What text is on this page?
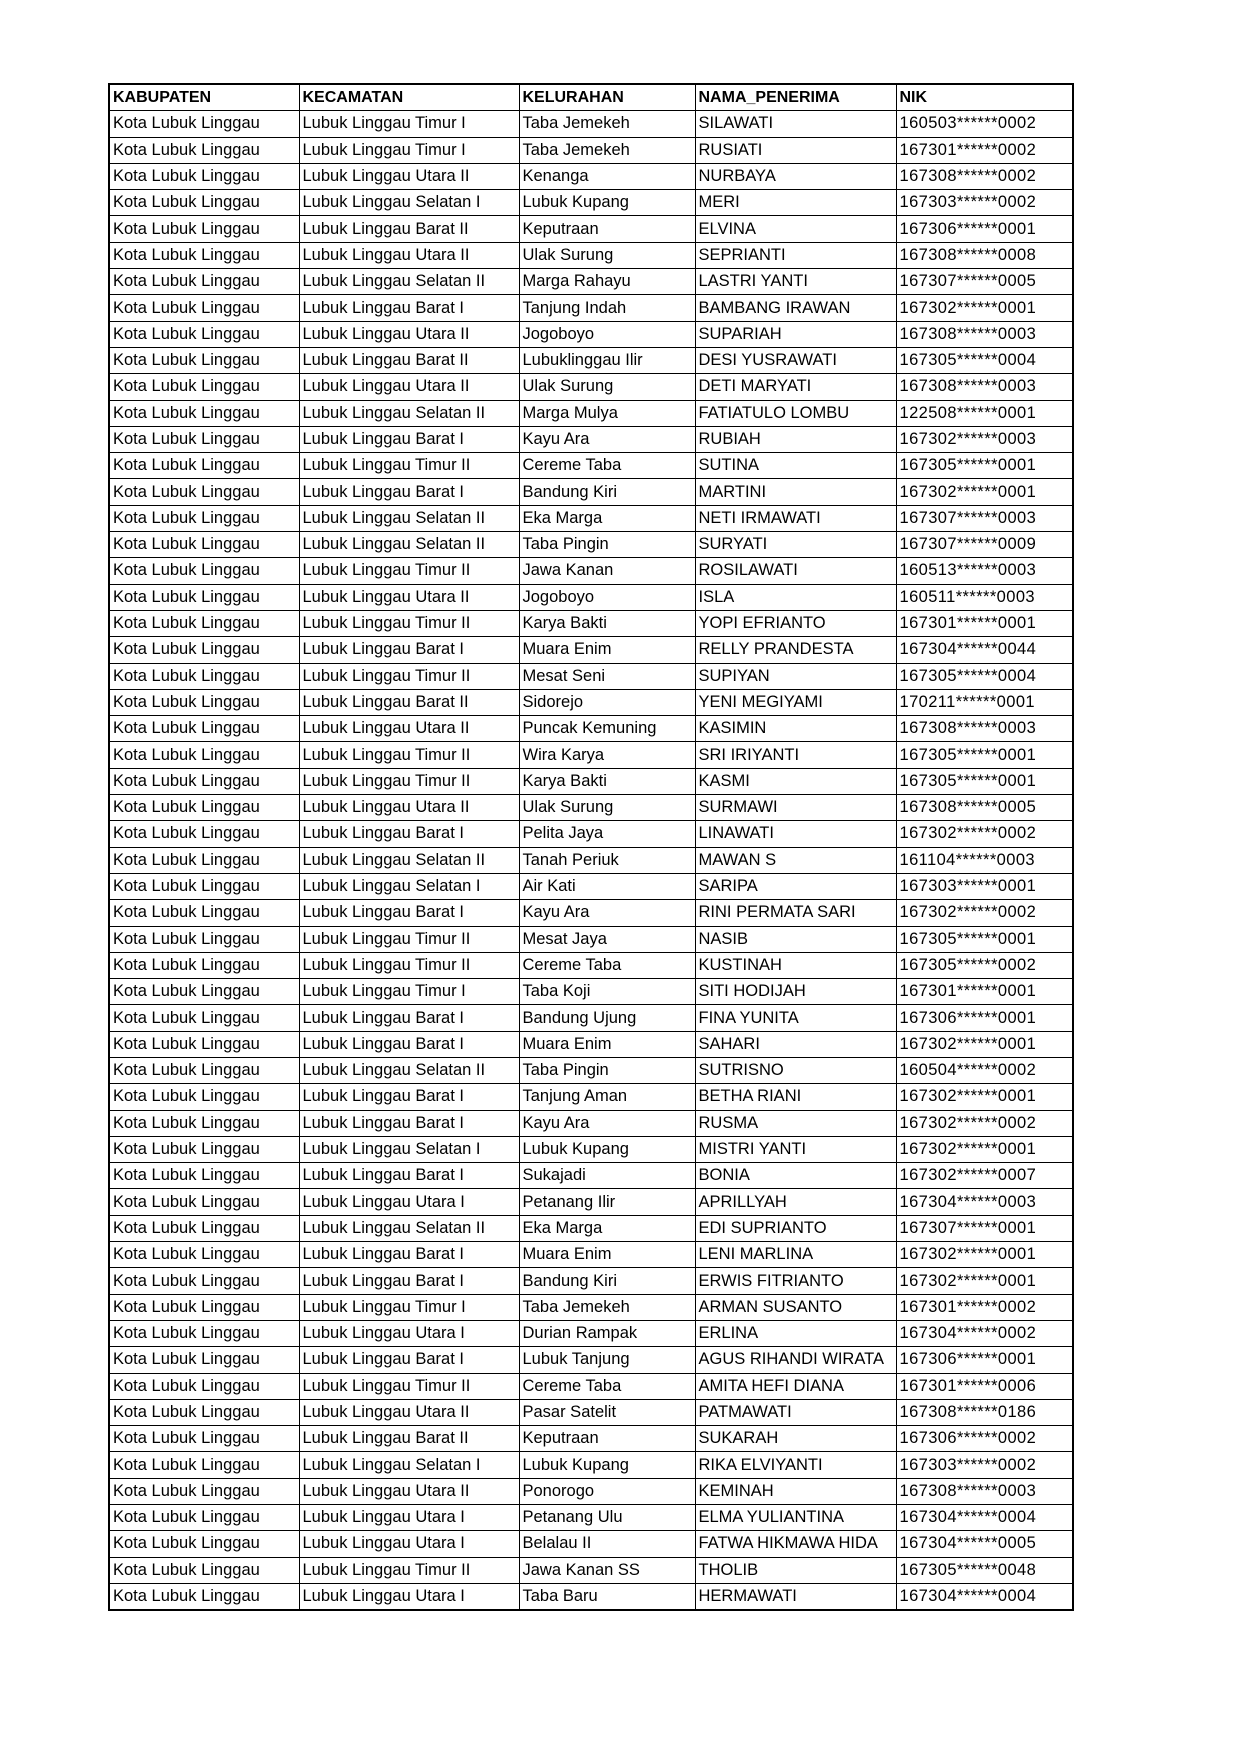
KABUPATEN	KECAMATAN	KELURAHAN	NAMA_PENERIMA	NIK
Kota Lubuk Linggau	Lubuk Linggau Timur I	Taba Jemekeh	SILAWATI	160503******0002
Kota Lubuk Linggau	Lubuk Linggau Timur I	Taba Jemekeh	RUSIATI	167301******0002
Kota Lubuk Linggau	Lubuk Linggau Utara II	Kenanga	NURBAYA	167308******0002
Kota Lubuk Linggau	Lubuk Linggau Selatan I	Lubuk Kupang	MERI	167303******0002
Kota Lubuk Linggau	Lubuk Linggau Barat II	Keputraan	ELVINA	167306******0001
Kota Lubuk Linggau	Lubuk Linggau Utara II	Ulak Surung	SEPRIANTI	167308******0008
Kota Lubuk Linggau	Lubuk Linggau Selatan II	Marga Rahayu	LASTRI YANTI	167307******0005
Kota Lubuk Linggau	Lubuk Linggau Barat I	Tanjung Indah	BAMBANG IRAWAN	167302******0001
Kota Lubuk Linggau	Lubuk Linggau Utara II	Jogoboyo	SUPARIAH	167308******0003
Kota Lubuk Linggau	Lubuk Linggau Barat II	Lubuklinggau Ilir	DESI YUSRAWATI	167305******0004
Kota Lubuk Linggau	Lubuk Linggau Utara II	Ulak Surung	DETI MARYATI	167308******0003
Kota Lubuk Linggau	Lubuk Linggau Selatan II	Marga Mulya	FATIATULO LOMBU	122508******0001
Kota Lubuk Linggau	Lubuk Linggau Barat I	Kayu Ara	RUBIAH	167302******0003
Kota Lubuk Linggau	Lubuk Linggau Timur II	Cereme Taba	SUTINA	167305******0001
Kota Lubuk Linggau	Lubuk Linggau Barat I	Bandung Kiri	MARTINI	167302******0001
Kota Lubuk Linggau	Lubuk Linggau Selatan II	Eka Marga	NETI IRMAWATI	167307******0003
Kota Lubuk Linggau	Lubuk Linggau Selatan II	Taba Pingin	SURYATI	167307******0009
Kota Lubuk Linggau	Lubuk Linggau Timur II	Jawa Kanan	ROSILAWATI	160513******0003
Kota Lubuk Linggau	Lubuk Linggau Utara II	Jogoboyo	ISLA	160511******0003
Kota Lubuk Linggau	Lubuk Linggau Timur II	Karya Bakti	YOPI EFRIANTO	167301******0001
Kota Lubuk Linggau	Lubuk Linggau Barat I	Muara Enim	RELLY PRANDESTA	167304******0044
Kota Lubuk Linggau	Lubuk Linggau Timur II	Mesat Seni	SUPIYAN	167305******0004
Kota Lubuk Linggau	Lubuk Linggau Barat II	Sidorejo	YENI MEGIYAMI	170211******0001
Kota Lubuk Linggau	Lubuk Linggau Utara II	Puncak Kemuning	KASIMIN	167308******0003
Kota Lubuk Linggau	Lubuk Linggau Timur II	Wira Karya	SRI IRIYANTI	167305******0001
Kota Lubuk Linggau	Lubuk Linggau Timur II	Karya Bakti	KASMI	167305******0001
Kota Lubuk Linggau	Lubuk Linggau Utara II	Ulak Surung	SURMAWI	167308******0005
Kota Lubuk Linggau	Lubuk Linggau Barat I	Pelita Jaya	LINAWATI	167302******0002
Kota Lubuk Linggau	Lubuk Linggau Selatan II	Tanah Periuk	MAWAN S	161104******0003
Kota Lubuk Linggau	Lubuk Linggau Selatan I	Air Kati	SARIPA	167303******0001
Kota Lubuk Linggau	Lubuk Linggau Barat I	Kayu Ara	RINI PERMATA SARI	167302******0002
Kota Lubuk Linggau	Lubuk Linggau Timur II	Mesat Jaya	NASIB	167305******0001
Kota Lubuk Linggau	Lubuk Linggau Timur II	Cereme Taba	KUSTINAH	167305******0002
Kota Lubuk Linggau	Lubuk Linggau Timur I	Taba Koji	SITI HODIJAH	167301******0001
Kota Lubuk Linggau	Lubuk Linggau Barat I	Bandung Ujung	FINA YUNITA	167306******0001
Kota Lubuk Linggau	Lubuk Linggau Barat I	Muara Enim	SAHARI	167302******0001
Kota Lubuk Linggau	Lubuk Linggau Selatan II	Taba Pingin	SUTRISNO	160504******0002
Kota Lubuk Linggau	Lubuk Linggau Barat I	Tanjung Aman	BETHA RIANI	167302******0001
Kota Lubuk Linggau	Lubuk Linggau Barat I	Kayu Ara	RUSMA	167302******0002
Kota Lubuk Linggau	Lubuk Linggau Selatan I	Lubuk Kupang	MISTRI YANTI	167302******0001
Kota Lubuk Linggau	Lubuk Linggau Barat I	Sukajadi	BONIA	167302******0007
Kota Lubuk Linggau	Lubuk Linggau Utara I	Petanang Ilir	APRILLYAH	167304******0003
Kota Lubuk Linggau	Lubuk Linggau Selatan II	Eka Marga	EDI SUPRIANTO	167307******0001
Kota Lubuk Linggau	Lubuk Linggau Barat I	Muara Enim	LENI MARLINA	167302******0001
Kota Lubuk Linggau	Lubuk Linggau Barat I	Bandung Kiri	ERWIS FITRIANTO	167302******0001
Kota Lubuk Linggau	Lubuk Linggau Timur I	Taba Jemekeh	ARMAN SUSANTO	167301******0002
Kota Lubuk Linggau	Lubuk Linggau Utara I	Durian Rampak	ERLINA	167304******0002
Kota Lubuk Linggau	Lubuk Linggau Barat I	Lubuk Tanjung	AGUS RIHANDI WIRATA	167306******0001
Kota Lubuk Linggau	Lubuk Linggau Timur II	Cereme Taba	AMITA HEFI DIANA	167301******0006
Kota Lubuk Linggau	Lubuk Linggau Utara II	Pasar Satelit	PATMAWATI	167308******0186
Kota Lubuk Linggau	Lubuk Linggau Barat II	Keputraan	SUKARAH	167306******0002
Kota Lubuk Linggau	Lubuk Linggau Selatan I	Lubuk Kupang	RIKA ELVIYANTI	167303******0002
Kota Lubuk Linggau	Lubuk Linggau Utara II	Ponorogo	KEMINAH	167308******0003
Kota Lubuk Linggau	Lubuk Linggau Utara I	Petanang Ulu	ELMA YULIANTINA	167304******0004
Kota Lubuk Linggau	Lubuk Linggau Utara I	Belalau II	FATWA HIKMAWA HIDA	167304******0005
Kota Lubuk Linggau	Lubuk Linggau Timur II	Jawa Kanan SS	THOLIB	167305******0048
Kota Lubuk Linggau	Lubuk Linggau Utara I	Taba Baru	HERMAWATI	167304******0004
